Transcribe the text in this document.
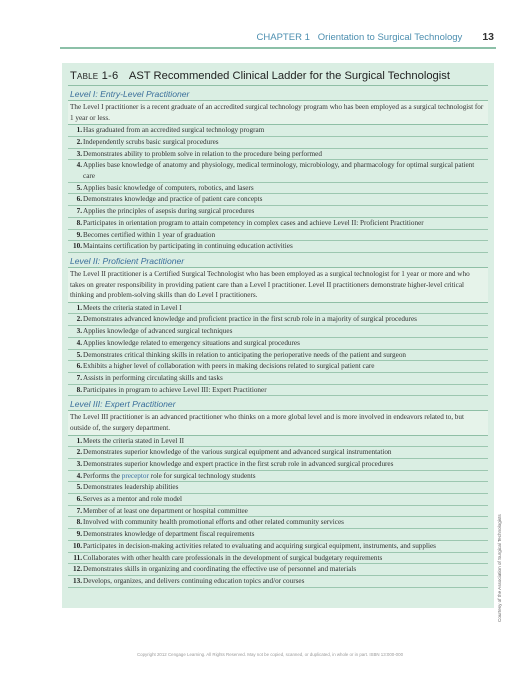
CHAPTER 1
Orientation to Surgical Technology 13
Table 1-6 AST Recommended Clinical Ladder for the Surgical Technologist
Level I: Entry-Level Practitioner
The Level I practitioner is a recent graduate of an accredited surgical technology program who has been employed as a surgical technologist for 1 year or less.
1. Has graduated from an accredited surgical technology program
2. Independently scrubs basic surgical procedures
3. Demonstrates ability to problem solve in relation to the procedure being performed
4. Applies base knowledge of anatomy and physiology, medical terminology, microbiology, and pharmacology for optimal surgical patient care
5. Applies basic knowledge of computers, robotics, and lasers
6. Demonstrates knowledge and practice of patient care concepts
7. Applies the principles of asepsis during surgical procedures
8. Participates in orientation program to attain competency in complex cases and achieve Level II: Proficient Practitioner
9. Becomes certified within 1 year of graduation
10. Maintains certification by participating in continuing education activities
Level II: Proficient Practitioner
The Level II practitioner is a Certified Surgical Technologist who has been employed as a surgical technologist for 1 year or more and who takes on greater responsibility in providing patient care than a Level I practitioner. Level II practitioners demonstrate higher-level critical thinking and problem-solving skills than do Level I practitioners.
1. Meets the criteria stated in Level I
2. Demonstrates advanced knowledge and proficient practice in the first scrub role in a majority of surgical procedures
3. Applies knowledge of advanced surgical techniques
4. Applies knowledge related to emergency situations and surgical procedures
5. Demonstrates critical thinking skills in relation to anticipating the perioperative needs of the patient and surgeon
6. Exhibits a higher level of collaboration with peers in making decisions related to surgical patient care
7. Assists in performing circulating skills and tasks
8. Participates in program to achieve Level III: Expert Practitioner
Level III: Expert Practitioner
The Level III practitioner is an advanced practitioner who thinks on a more global level and is more involved in endeavors related to, but outside of, the surgery department.
1. Meets the criteria stated in Level II
2. Demonstrates superior knowledge of the various surgical equipment and advanced surgical instrumentation
3. Demonstrates superior knowledge and expert practice in the first scrub role in advanced surgical procedures
4. Performs the preceptor role for surgical technology students
5. Demonstrates leadership abilities
6. Serves as a mentor and role model
7. Member of at least one department or hospital committee
8. Involved with community health promotional efforts and other related community services
9. Demonstrates knowledge of department fiscal requirements
10. Participates in decision-making activities related to evaluating and acquiring surgical equipment, instruments, and supplies
11. Collaborates with other health care professionals in the development of surgical budgetary requirements
12. Demonstrates skills in organizing and coordinating the effective use of personnel and materials
13. Develops, organizes, and delivers continuing education topics and/or courses	Courtesy of the Association of Surgical Technologists
Copyright 2012 Cengage Learning. All Rights Reserved. May not be copied, scanned, or duplicated, in whole or in part. ISBN 13:000-000
